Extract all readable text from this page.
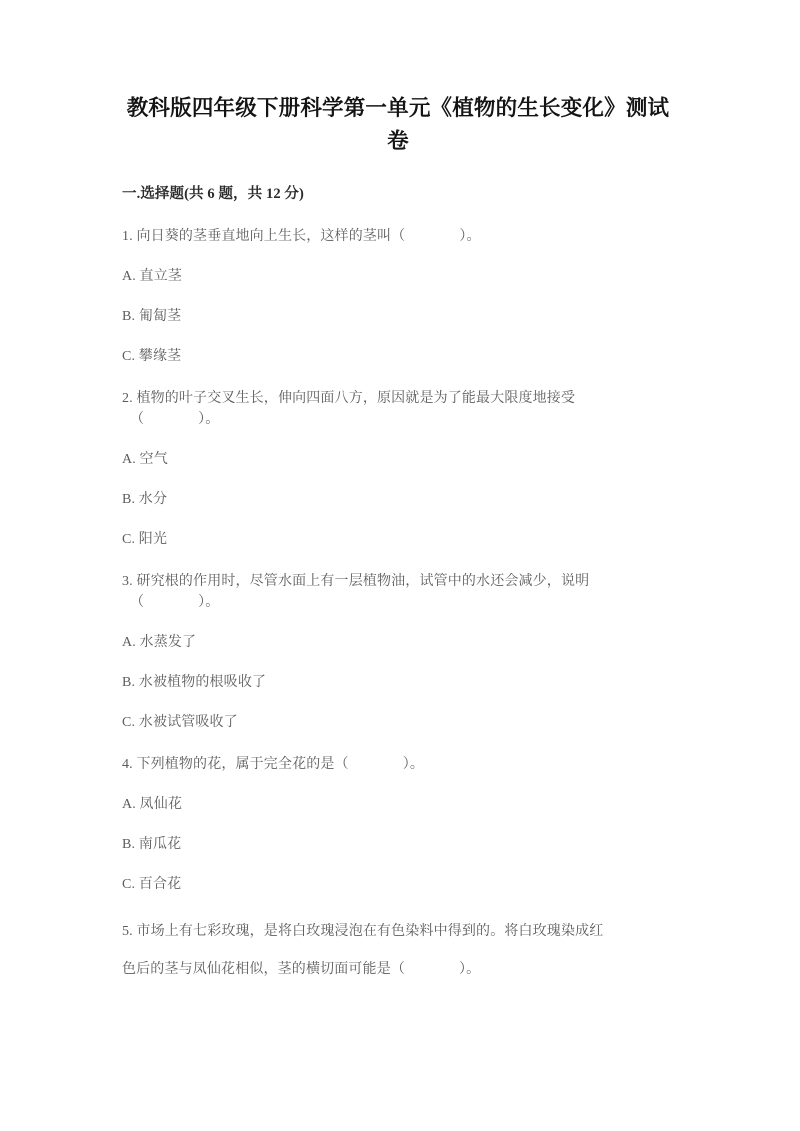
教科版四年级下册科学第一单元《植物的生长变化》测试卷
一.选择题(共 6 题，共 12 分)

1. 向日葵的茎垂直地向上生长，这样的茎叫（	）。

A. 直立茎

B. 匍匐茎

C. 攀缘茎

2. 植物的叶子交叉生长，伸向四面八方，原因就是为了能最大限度地接受
（	）。

A. 空气

B. 水分

C. 阳光

3. 研究根的作用时，尽管水面上有一层植物油，试管中的水还会减少，说明
（	）。

A. 水蒸发了

B. 水被植物的根吸收了

C. 水被试管吸收了

4. 下列植物的花，属于完全花的是（	）。

A. 凤仙花

B. 南瓜花

C. 百合花

5. 市场上有七彩玫瑰，是将白玫瑰浸泡在有色染料中得到的。将白玫瑰染成红
色后的茎与凤仙花相似，茎的横切面可能是（	）。
